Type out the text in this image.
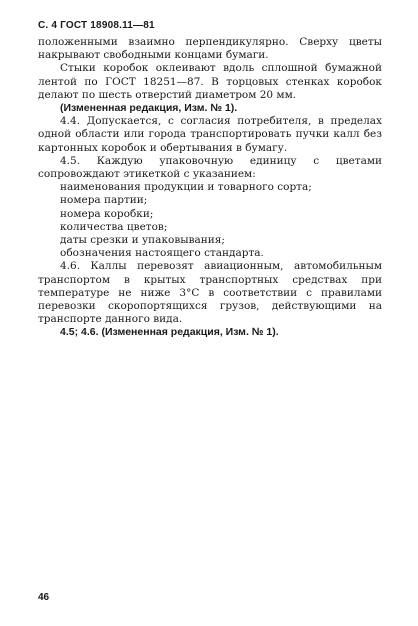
С. 4 ГОСТ 18908.11—81

положенными взаимно перпендикулярно. Сверху цветы накрывают свободными концами бумаги.

Стыки коробок оклеивают вдоль сплошной бумажной лентой по ГОСТ 18251—87. В торцовых стенках коробок делают по шесть отверстий диаметром 20 мм.

(Измененная редакция, Изм. № 1).

4.4. Допускается, с согласия потребителя, в пределах одной области или города транспортировать пучки калл без картонных коробок и обертывания в бумагу.

4.5. Каждую упаковочную единицу с цветами сопровождают этикеткой с указанием:

наименования продукции и товарного сорта;

номера партии;

номера коробки;

количества цветов;

даты срезки и упаковывания;

обозначения настоящего стандарта.

4.6. Каллы перевозят авиационным, автомобильным транспортом в крытых транспортных средствах при температуре не ниже 3°С в соответствии с правилами перевозки скоропортящихся грузов, действующими на транспорте данного вида.

4.5; 4.6. (Измененная редакция, Изм. № 1).

46
